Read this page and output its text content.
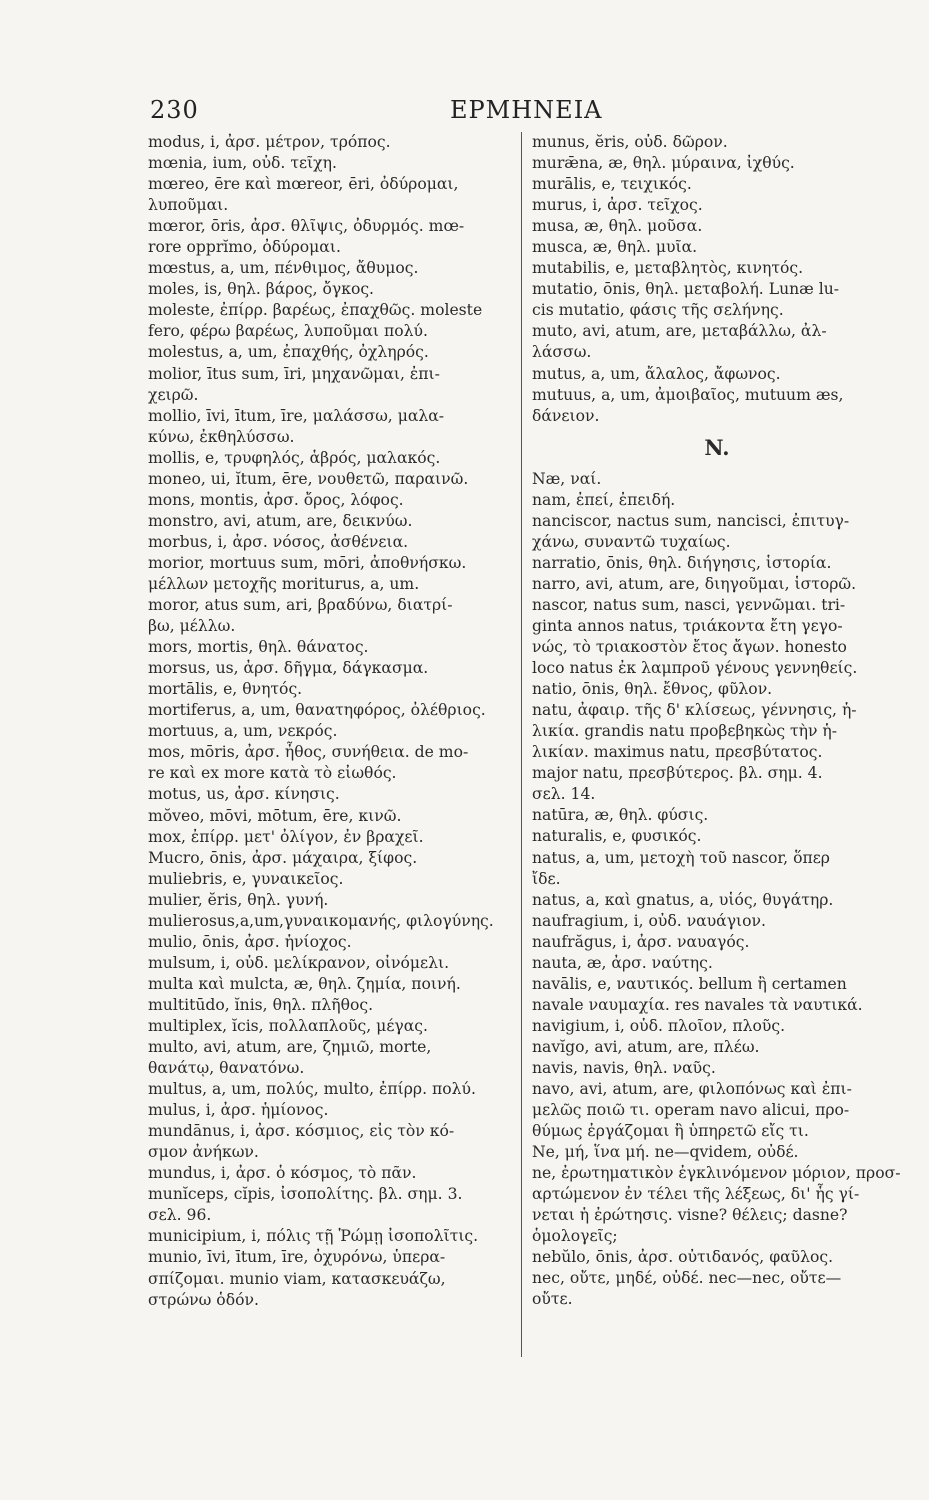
230	ΕΡΜΗΝΕΙΑ
modus, i, ἀρσ. μέτρον, τρόπος.
mœnia, ium, οὐδ. τεῖχη.
mœreo, ēre καὶ mœreor, ēri, ὀδύρομαι,
λυποῦμαι.
mœror, ōris, ἀρσ. θλῖψις, ὀδυρμός. mœ-
rore opprĭmo, ὀδύρομαι.
mœstus, a, um, πένθιμος, ἄθυμος.
moles, is, θηλ. βάρος, ὄγκος.
moleste, ἐπίρρ. βαρέως, ἐπαχθῶς. moleste
fero, φέρω βαρέως, λυποῦμαι πολύ.
molestus, a, um, ἐπαχθής, ὀχληρός.
molior, ītus sum, īri, μηχανῶμαι, ἐπι-
χειρῶ.
mollio, īvi, ītum, īre, μαλάσσω, μαλα-
κύνω, ἐκθηλύσσω.
mollis, e, τρυφηλός, ἁβρός, μαλακός.
moneo, ui, ĭtum, ēre, νουθετῶ, παραινῶ.
mons, montis, ἀρσ. ὄρος, λόφος.
monstro, avi, atum, are, δεικνύω.
morbus, i, ἀρσ. νόσος, ἀσθένεια.
morior, mortuus sum, mōri, ἀποθνήσκω.
μέλλων μετοχῆς moriturus, a, um.
moror, atus sum, ari, βραδύνω, διατρί-
βω, μέλλω.
mors, mortis, θηλ. θάνατος.
morsus, us, ἀρσ. δῆγμα, δάγκασμα.
mortālis, e, θνητός.
mortiferus, a, um, θανατηφόρος, ὀλέθριος.
mortuus, a, um, νεκρός.
mos, mōris, ἀρσ. ἦθος, συνήθεια. de mo-
re καὶ ex more κατὰ τὸ εἰωθός.
motus, us, ἀρσ. κίνησις.
mŏveo, mōvi, mōtum, ēre, κινῶ.
mox, ἐπίρρ. μετ' ὀλίγον, ἐν βραχεῖ.
Mucro, ōnis, ἀρσ. μάχαιρα, ξίφος.
muliebris, e, γυναικεῖος.
mulier, ĕris, θηλ. γυνή.
mulierosus,a,um,γυναικομανής, φιλογύνης.
mulio, ōnis, ἀρσ. ἡνίοχος.
mulsum, i, οὐδ. μελίκρανον, οἰνόμελι.
multa καὶ mulcta, æ, θηλ. ζημία, ποινή.
multitūdo, ĭnis, θηλ. πλῆθος.
multiplex, ĭcis, πολλαπλοῦς, μέγας.
multo, avi, atum, are, ζημιῶ, morte,
θανάτῳ, θανατόνω.
multus, a, um, πολύς, multo, ἐπίρρ. πολύ.
mulus, i, ἀρσ. ἡμίονος.
mundānus, i, ἀρσ. κόσμιος, εἰς τὸν κό-
σμον ἀνήκων.
mundus, i, ἀρσ. ὁ κόσμος, τὸ πᾶν.
munĭceps, cĭpis, ἰσοπολίτης. βλ. σημ. 3.
σελ. 96.
municipium, i, πόλις τῇ Ῥώμῃ ἰσοπολῖτις.
munio, īvi, ītum, īre, ὀχυρόνω, ὑπερα-
σπίζομαι. munio viam, κατασκευάζω,
στρώνω ὁδόν.
munus, ĕris, οὐδ. δῶρον.
murǣna, æ, θηλ. μύραινα, ἰχθύς.
murālis, e, τειχικός.
murus, i, ἀρσ. τεῖχος.
musa, æ, θηλ. μοῦσα.
musca, æ, θηλ. μυῖα.
mutabilis, e, μεταβλητὸς, κινητός.
mutatio, ōnis, θηλ. μεταβολή. Lunæ lu-
cis mutatio, φάσις τῆς σελήνης.
muto, avi, atum, are, μεταβάλλω, ἀλ-
λάσσω.
mutus, a, um, ἄλαλος, ἄφωνος.
mutuus, a, um, ἀμοιβαῖος, mutuum æs,
δάνειον.
N.
Næ, ναί.
nam, ἐπεί, ἐπειδή.
nanciscor, nactus sum, nancisci, ἐπιτυγ-
χάνω, συναντῶ τυχαίως.
narratio, ōnis, θηλ. διήγησις, ἱστορία.
narro, avi, atum, are, διηγοῦμαι, ἱστορῶ.
nascor, natus sum, nasci, γεννῶμαι. tri-
ginta annos natus, τριάκοντα ἔτη γεγο-
νώς, τὸ τριακοστὸν ἔτος ἄγων. honesto
loco natus ἐκ λαμπροῦ γένους γεννηθείς.
natio, ōnis, θηλ. ἔθνος, φῦλον.
natu, ἀφαιρ. τῆς δ' κλίσεως, γέννησις, ἡ-
λικία. grandis natu προβεβηκὼς τὴν ἡ-
λικίαν. maximus natu, πρεσβύτατος.
major natu, πρεσβύτερος. βλ. σημ. 4.
σελ. 14.
natūra, æ, θηλ. φύσις.
naturalis, e, φυσικός.
natus, a, um, μετοχὴ τοῦ nascor, ὅπερ
ἴδε.
natus, a, καὶ gnatus, a, υἱός, θυγάτηρ.
naufragium, i, οὐδ. ναυάγιον.
naufrăgus, i, ἀρσ. ναυαγός.
nauta, æ, ἀρσ. ναύτης.
navālis, e, ναυτικός. bellum ἢ certamen
navale ναυμαχία. res navales τὰ ναυτικά.
navigium, i, οὐδ. πλοῖον, πλοῦς.
navĭgo, avi, atum, are, πλέω.
navis, navis, θηλ. ναῦς.
navo, avi, atum, are, φιλοπόνως καὶ ἐπι-
μελῶς ποιῶ τι. operam navo alicui, προ-
θύμως ἐργάζομαι ἢ ὑπηρετῶ εἴς τι.
Ne, μή, ἵνα μή. ne—qvidem, οὐδέ.
ne, ἐρωτηματικὸν ἐγκλινόμενον μόριον, προσ-
αρτώμενον ἐν τέλει τῆς λέξεως, δι' ἧς γί-
νεται ἡ ἐρώτησις. visne? θέλεις; dasne?
ὁμολογεῖς;
nebŭlo, ōnis, ἀρσ. οὐτιδανός, φαῦλος.
nec, οὔτε, μηδέ, οὐδέ. nec—nec, οὔτε—
οὔτε.
